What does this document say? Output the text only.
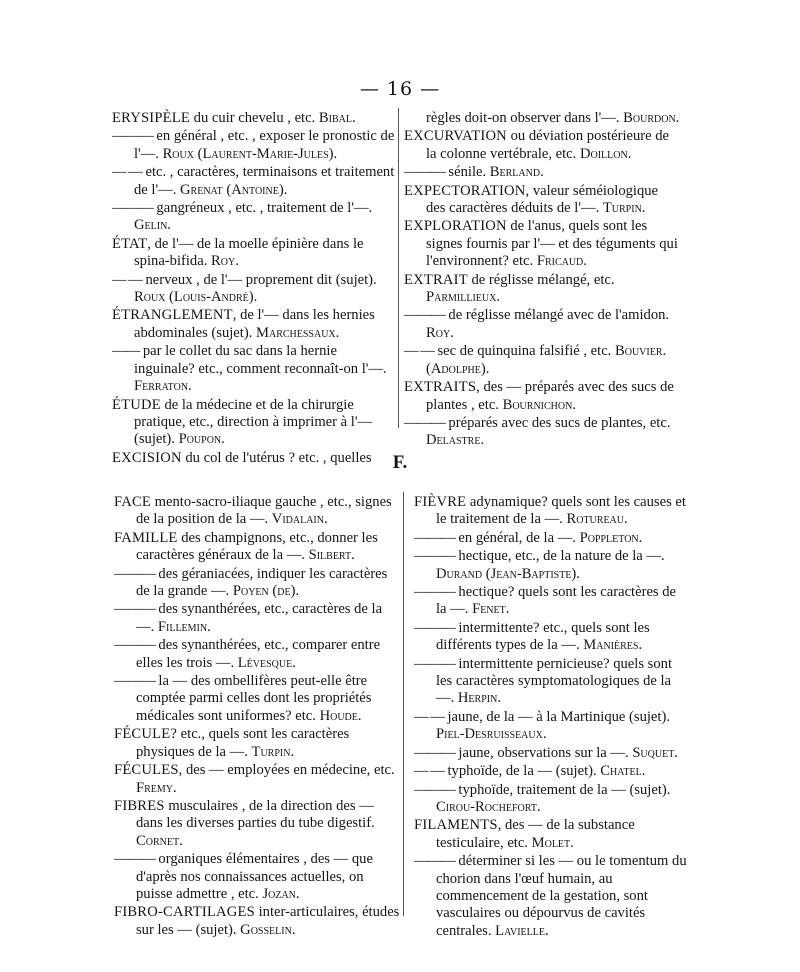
— 16 —
ERYSIPÈLE du cuir chevelu , etc. Bibal.
——— en général , etc. , exposer le pronostic de l'—. Roux (Laurent-Marie-Jules).
— — etc. , caractères, terminaisons et traitement de l'—. Grenat (Antoine).
——— gangréneux , etc. , traitement de l'—. Gelin.
ÉTAT, de l'— de la moelle épinière dans le spina-bifida. Roy.
— — nerveux , de l'— proprement dit (sujet). Roux (Louis-André).
ÉTRANGLEMENT, de l'— dans les hernies abdominales (sujet). Marchessaux.
—— par le collet du sac dans la hernie inguinale? etc., comment reconnaît-on l'—. Ferraton.
ÉTUDE de la médecine et de la chirurgie pratique, etc., direction à imprimer à l'—(sujet). Poupon.
EXCISION du col de l'utérus ? etc. , quelles
règles doit-on observer dans l'—. Bourdon.
EXCURVATION ou déviation postérieure de la colonne vertébrale, etc. Doillon.
——— sénile. Berland.
EXPECTORATION, valeur séméiologique des caractères déduits de l'—. Turpin.
EXPLORATION de l'anus, quels sont les signes fournis par l'— et des téguments qui l'environnent? etc. Fricaud.
EXTRAIT de réglisse mélangé, etc. Parmillieux.
——— de réglisse mélangé avec de l'amidon. Roy.
— — sec de quinquina falsifié , etc. Bouvier. (Adolphe).
EXTRAITS, des — préparés avec des sucs de plantes , etc. Bournichon.
——— préparés avec des sucs de plantes, etc. Delastre.
F.
FACE mento-sacro-iliaque gauche , etc., signes de la position de la —. Vidalain.
FAMILLE des champignons, etc., donner les caractères généraux de la —. Silbert.
——— des géraniacées, indiquer les caractères de la grande —. Poyen (de).
——— des synanthérées, etc., caractères de la —. Fillemin.
——— des synanthérées, etc., comparer entre elles les trois —. Lévesque.
——— la — des ombellifères peut-elle être comptée parmi celles dont les propriétés médicales sont uniformes? etc. Houde.
FÉCULE? etc., quels sont les caractères physiques de la —. Turpin.
FÉCULES, des — employées en médecine, etc. Fremy.
FIBRES musculaires , de la direction des — dans les diverses parties du tube digestif. Cornet.
——— organiques élémentaires , des — que d'après nos connaissances actuelles, on puisse admettre , etc. Jozan.
FIBRO-CARTILAGES inter-articulaires, études sur les — (sujet). Gosselin.
FIÈVRE adynamique? quels sont les causes et le traitement de la —. Rotureau.
——— en général, de la —. Poppleton.
——— hectique, etc., de la nature de la —. Durand (Jean-Baptiste).
——— hectique? quels sont les caractères de la —. Fenet.
——— intermittente? etc., quels sont les différents types de la —. Manières.
——— intermittente pernicieuse? quels sont les caractères symptomatologiques de la —. Herpin.
— — jaune, de la — à la Martinique (sujet). Piel-Desruisseaux.
——— jaune, observations sur la —. Suquet.
— — typhoïde, de la — (sujet). Chatel.
——— typhoïde, traitement de la — (sujet). Cirou-Rochefort.
FILAMENTS, des — de la substance testiculaire, etc. Molet.
——— déterminer si les — ou le tomentum du chorion dans l'œuf humain, au commencement de la gestation, sont vasculaires ou dépourvus de cavités centrales. Lavielle.
